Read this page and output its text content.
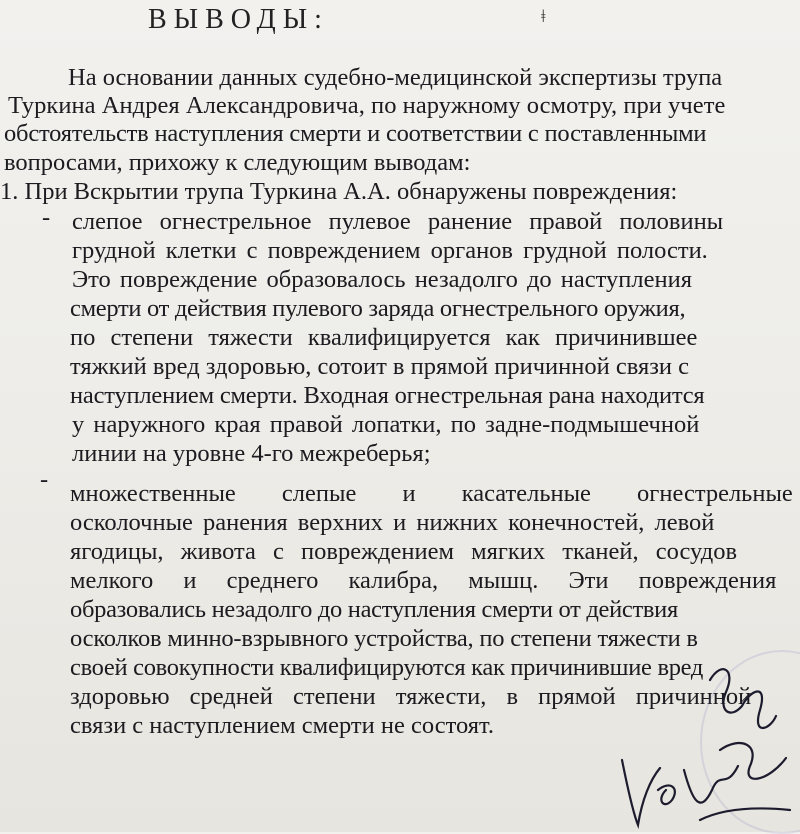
ВЫВОДЫ:	ǂ
На основании данных судебно-медицинской экспертизы трупа
Туркина Андрея Александровича, по наружному осмотру, при учете
обстоятельств наступления смерти и соответствии с поставленными
вопросами, прихожу к следующим выводам:
1. При Вскрытии трупа Туркина А.А. обнаружены повреждения:
- слепое огнестрельное пулевое ранение правой половины
грудной клетки с повреждением органов грудной полости.
Это повреждение образовалось незадолго до наступления
смерти от действия пулевого заряда огнестрельного оружия,
по степени тяжести квалифицируется как причинившее
тяжкий вред здоровью, сотоит в прямой причинной связи с
наступлением смерти. Входная огнестрельная рана находится
у наружного края правой лопатки, по задне-подмышечной
линии на уровне 4-го межреберья;
-
множественные слепые и касательные огнестрельные
осколочные ранения верхних и нижних конечностей, левой
ягодицы, живота с повреждением мягких тканей, сосудов
мелкого и среднего калибра, мышц. Эти повреждения
образовались незадолго до наступления смерти от действия
осколков минно-взрывного устройства, по степени тяжести в
своей совокупности квалифицируются как причинившие вред
здоровью средней степени тяжести, в прямой причинной
связи с наступлением смерти не состоят.
